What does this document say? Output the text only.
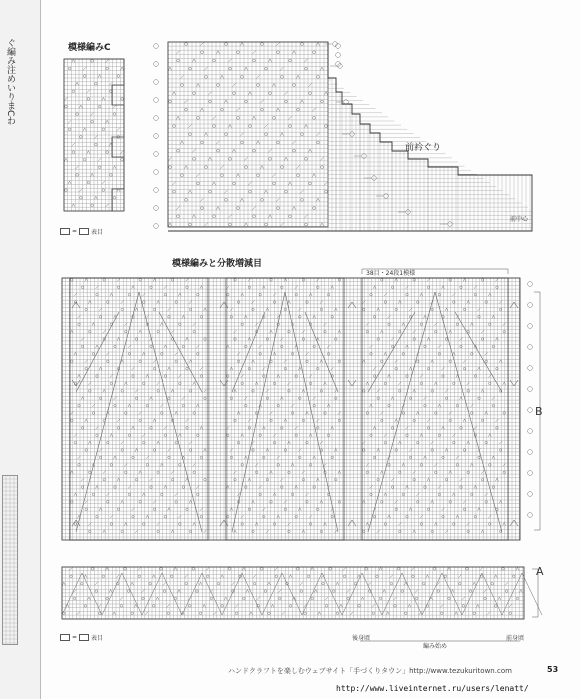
ぐ編み注めいりまCわ	模様編みC
= 表目
前衿ぐり
前中心
模様編みと分散増減目
38目・24段1模様
B
A
= 表目	後身頃
編み始め
前身頃
ハンドクラフトを楽しむウェブサイト「手づくりタウン」http://www.tezukuritown.com	53
http://www.liveinternet.ru/users/lenatt/
